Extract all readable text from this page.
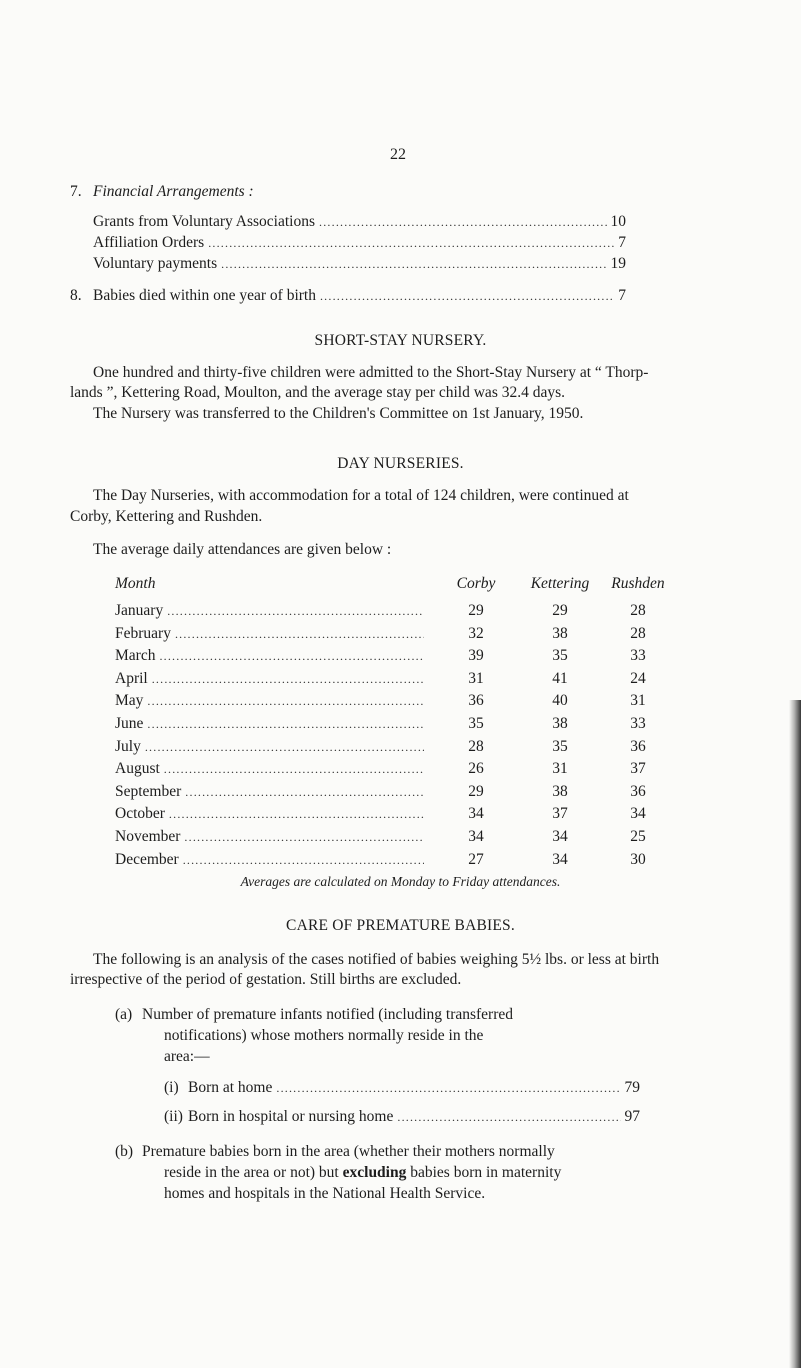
22
7. Financial Arrangements :
Grants from Voluntary Associations .....	10
Affiliation Orders .....	7
Voluntary payments .....	19
8. Babies died within one year of birth .....	7
SHORT-STAY NURSERY.
One hundred and thirty-five children were admitted to the Short-Stay Nursery at “ Thorp-
lands ”, Kettering Road, Moulton, and the average stay per child was 32.4 days.
The Nursery was transferred to the Children's Committee on 1st January, 1950.
DAY NURSERIES.
The Day Nurseries, with accommodation for a total of 124 children, were continued at
Corby, Kettering and Rushden.
The average daily attendances are given below :
Month	Corby	Kettering	Rushden
January .....	29	29	28
February .....	32	38	28
March .....	39	35	33
April .....	31	41	24
May .....	36	40	31
June .....	35	38	33
July .....	28	35	36
August .....	26	31	37
September .....	29	38	36
October .....	34	37	34
November .....	34	34	25
December .....	27	34	30
Averages are calculated on Monday to Friday attendances.
CARE OF PREMATURE BABIES.
The following is an analysis of the cases notified of babies weighing 5½ lbs. or less at birth
irrespective of the period of gestation. Still births are excluded.
(a) Number of premature infants notified (including transferred
notifications) whose mothers normally reside in the
area:—
(i) Born at home .....	79
(ii) Born in hospital or nursing home .....	97
(b) Premature babies born in the area (whether their mothers normally
reside in the area or not) but excluding babies born in maternity
homes and hospitals in the National Health Service.
